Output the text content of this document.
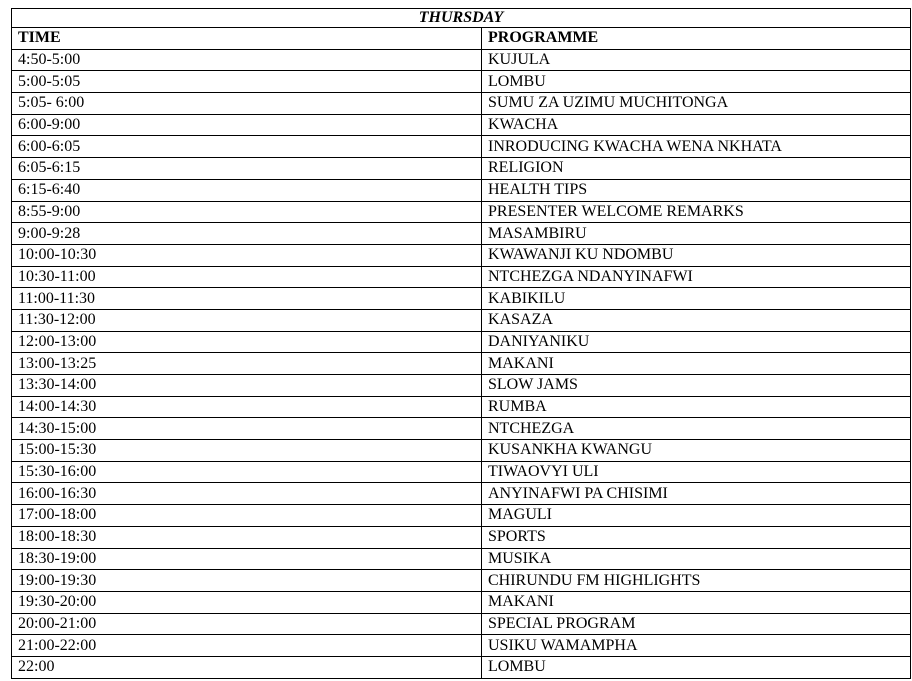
THURSDAY	
TIME	PROGRAMME
4:50-5:00	KUJULA
5:00-5:05	LOMBU
5:05- 6:00	SUMU ZA UZIMU MUCHITONGA
6:00-9:00	KWACHA
6:00-6:05	INRODUCING KWACHA WENA NKHATA
6:05-6:15	RELIGION
6:15-6:40	HEALTH TIPS
8:55-9:00	PRESENTER WELCOME REMARKS
9:00-9:28	MASAMBIRU
10:00-10:30	KWAWANJI KU NDOMBU
10:30-11:00	NTCHEZGA NDANYINAFWI
11:00-11:30	KABIKILU
11:30-12:00	KASAZA
12:00-13:00	DANIYANIKU
13:00-13:25	MAKANI
13:30-14:00	SLOW JAMS
14:00-14:30	RUMBA
14:30-15:00	NTCHEZGA
15:00-15:30	KUSANKHA KWANGU
15:30-16:00	TIWAOVYI ULI
16:00-16:30	ANYINAFWI PA CHISIMI
17:00-18:00	MAGULI
18:00-18:30	SPORTS
18:30-19:00	MUSIKA
19:00-19:30	CHIRUNDU FM HIGHLIGHTS
19:30-20:00	MAKANI
20:00-21:00	SPECIAL PROGRAM
21:00-22:00	USIKU WAMAMPHA
22:00	LOMBU
